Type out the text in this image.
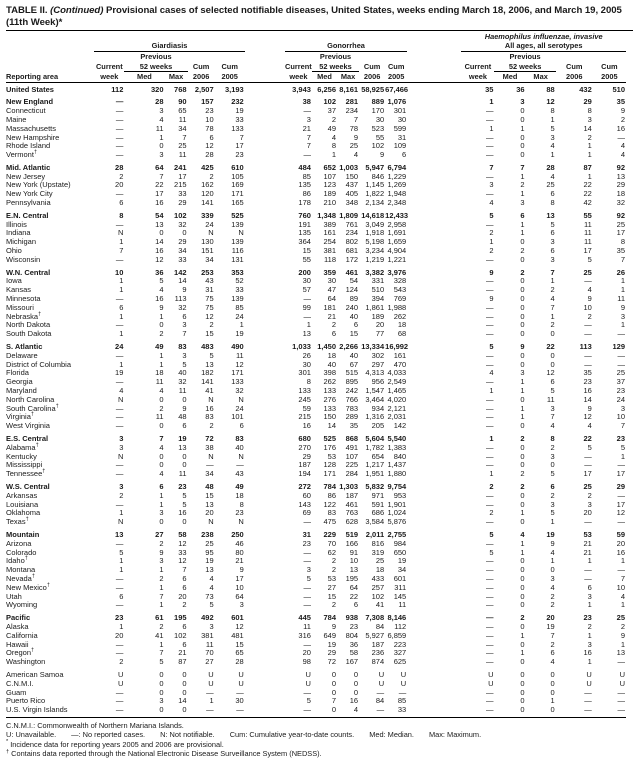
TABLE II. (Continued) Provisional cases of selected notifiable diseases, United States, weeks ending March 18, 2006, and March 19, 2005 (11th Week)*
													Haemophilus influenzae, invasive				
	Giardiasis						Gonorrhea						All ages, all serotypes				
		Previous						Previous						Previous			
	Current	52 weeks		Cum	Cum		Current	52 weeks		Cum	Cum		Current	52 weeks		Cum	Cum
Reporting area	week	Med	Max	2006	2005		week	Med	Max	2006	2005		week	Med	Max	2006	2005
United States	112	320	768	2,507	3,193		3,943	6,256	8,161	58,925	67,466		35	36	88	432	510
New England	—	28	90	157	232		38	102	281	889	1,076		1	3	12	29	35
Connecticut	—	3	65	23	19		—	37	234	170	301		—	0	8	8	9
Maine	—	4	11	10	33		3	2	7	30	30		—	0	1	3	2
Massachusetts	—	11	34	78	133		21	49	78	523	599		1	1	5	14	16
New Hampshire	—	1	7	6	7		7	4	9	55	31		—	0	3	2	—
Rhode Island	—	0	25	12	17		7	8	25	102	109		—	0	4	1	4
Vermont†	—	3	11	28	23		—	1	4	9	6		—	0	1	1	4
Mid. Atlantic	28	64	241	425	610		484	652	1,003	5,947	6,794		7	7	28	87	92
New Jersey	2	7	17	2	105		85	107	150	846	1,229		—	1	4	1	13
New York (Upstate)	20	22	215	162	169		135	123	437	1,145	1,269		3	2	25	22	29
New York City	—	17	33	120	171		86	189	405	1,822	1,948		—	1	6	22	18
Pennsylvania	6	16	29	141	165		178	210	348	2,134	2,348		4	3	8	42	32
E.N. Central	8	54	102	339	525		760	1,348	1,809	14,618	12,433		5	6	13	55	92
Illinois	—	13	32	24	139		191	389	761	3,049	2,958		—	1	5	11	25
Indiana	N	0	0	N	N		135	161	234	1,918	1,691		2	1	6	11	17
Michigan	1	14	29	130	139		364	254	802	5,198	1,659		1	0	3	11	8
Ohio	7	16	34	151	116		15	381	681	3,234	4,904		2	2	6	17	35
Wisconsin	—	12	33	34	131		55	118	172	1,219	1,221		—	0	3	5	7
W.N. Central	10	36	142	253	353		200	359	461	3,382	3,976		9	2	7	25	26
Iowa	1	5	14	43	52		30	30	54	331	328		—	0	1	—	1
Kansas	1	4	9	31	33		57	47	124	510	543		—	0	2	4	1
Minnesota	—	16	113	75	139		—	64	89	394	769		9	0	4	9	11
Missouri	6	9	32	75	85		99	181	240	1,861	1,988		—	0	7	10	9
Nebraska†	1	1	6	12	24		—	21	40	189	262		—	0	1	2	3
North Dakota	—	0	3	2	1		1	2	6	20	18		—	0	2	—	1
South Dakota	1	2	7	15	19		13	6	15	77	68		—	0	0	—	—
S. Atlantic	24	49	83	483	490		1,033	1,450	2,266	13,334	16,992		5	9	22	113	129
Delaware	—	1	3	5	11		26	18	40	302	161		—	0	0	—	—
District of Columbia	1	1	5	13	12		30	40	67	297	470		—	0	0	—	—
Florida	19	18	40	182	171		301	398	515	4,313	4,033		4	3	12	35	25
Georgia	—	11	32	141	133		8	262	895	956	2,549		—	1	6	23	37
Maryland	4	4	11	41	32		133	133	242	1,547	1,465		1	1	5	16	23
North Carolina	N	0	0	N	N		245	276	766	3,464	4,020		—	0	11	14	24
South Carolina†	—	2	9	16	24		59	133	783	934	2,121		—	1	3	9	3
Virginia†	—	11	48	83	101		215	150	289	1,316	2,031		—	1	7	12	10
West Virginia	—	0	6	2	6		16	14	35	205	142		—	0	4	4	7
E.S. Central	3	7	19	72	83		680	525	868	5,604	5,540		1	2	8	22	23
Alabama†	3	4	13	38	40		270	176	491	1,782	1,383		—	0	2	5	5
Kentucky	N	0	0	N	N		29	53	107	654	840		—	0	3	—	1
Mississippi	—	0	0	—	—		187	128	225	1,217	1,437		—	0	0	—	—
Tennessee†	—	4	11	34	43		194	171	284	1,951	1,880		1	2	5	17	17
W.S. Central	3	6	23	48	49		272	784	1,303	5,832	9,754		2	2	6	25	29
Arkansas	2	1	5	15	18		60	86	187	971	953		—	0	2	2	—
Louisiana	—	1	5	13	8		143	122	461	591	1,901		—	0	3	3	17
Oklahoma	1	3	16	20	23		69	83	763	686	1,024		2	1	5	20	12
Texas†	N	0	0	N	N		—	475	628	3,584	5,876		—	0	1	—	—
Mountain	13	27	58	238	250		31	229	519	2,011	2,755		5	4	19	53	59
Arizona	—	2	12	25	46		23	70	166	816	984		—	1	9	21	20
Colorado	5	9	33	95	80		—	62	91	319	650		5	1	4	21	16
Idaho†	1	3	12	19	21		—	2	10	25	19		—	0	1	1	1
Montana	1	1	7	13	9		3	2	13	18	34		—	0	0	—	—
Nevada†	—	2	6	4	17		5	53	195	433	601		—	0	3	—	7
New Mexico†	—	1	6	4	10		—	27	64	257	311		—	0	4	6	10
Utah	6	7	20	73	64		—	15	22	102	145		—	0	2	3	4
Wyoming	—	1	2	5	3		—	2	6	41	11		—	0	2	1	1
Pacific	23	61	195	492	601		445	784	938	7,308	8,146		—	2	20	23	25
Alaska	1	2	6	3	12		11	9	23	84	112		—	0	19	2	2
California	20	41	102	381	481		316	649	804	5,927	6,859		—	1	7	1	9
Hawaii	—	1	6	11	15		—	19	36	187	223		—	0	2	3	1
Oregon†	—	7	21	70	65		20	29	58	236	327		—	1	6	16	13
Washington	2	5	87	27	28		98	72	167	874	625		—	0	4	1	—
American Samoa	U	0	0	U	U		U	0	0	U	U		U	0	0	U	U
C.N.M.I.	U	0	0	U	U		U	0	0	U	U		U	0	0	U	U
Guam	—	0	0	—	—		—	0	0	—	—		—	0	0	—	—
Puerto Rico	—	3	14	1	30		5	7	16	84	85		—	0	1	—	—
U.S. Virgin Islands	—	0	0	—	—		—	0	4	—	33		—	0	0	—	—
C.N.M.I.: Commonwealth of Northern Mariana Islands.
U: Unavailable. —: No reported cases. N: Not notifiable. Cum: Cumulative year-to-date counts. Med: Median. Max: Maximum.
* Incidence data for reporting years 2005 and 2006 are provisional.
† Contains data reported through the National Electronic Disease Surveillance System (NEDSS).
